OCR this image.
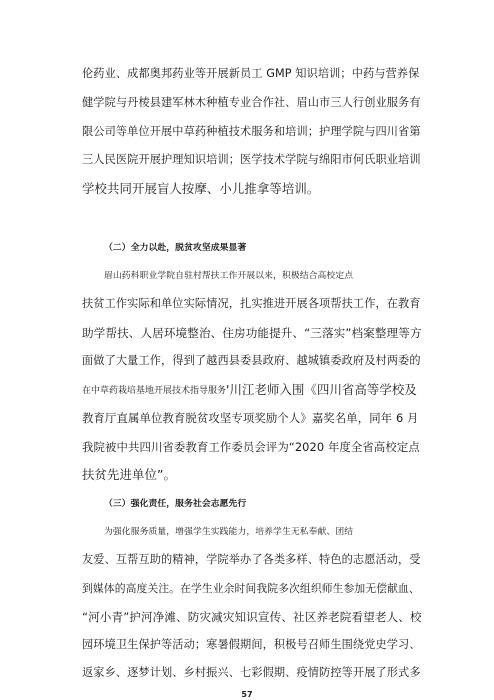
伦药业、成都奥邦药业等开展新员工 GMP 知识培训；中药与营养保
健学院与丹棱县建军林木种植专业合作社、眉山市三人行创业服务有
限公司等单位开展中草药种植技术服务和培训；护理学院与四川省第
三人民医院开展护理知识培训；医学技术学院与绵阳市何氏职业培训
学校共同开展盲人按摩、小儿推拿等培训。
（二）全力以赴，脱贫攻坚成果显著
眉山药科职业学院自驻村帮扶工作开展以来，积极结合高校定点
扶贫工作实际和单位实际情况，扎实推进开展各项帮扶工作，在教育
助学帮扶、人居环境整治、住房功能提升、“三落实”档案整理等方
面做了大量工作，得到了越西县委县政府、越城镇委政府及村两委的
在中草药栽培基地开展技术指导服务'川江老师入围《四川省高等学校及
教育厅直属单位教育脱贫攻坚专项奖励个人》嘉奖名单，同年 6 月
我院被中共四川省委教育工作委员会评为“2020 年度全省高校定点
扶贫先进单位”。
（三）强化责任，服务社会志愿先行
为强化服务质量，增强学生实践能力，培养学生无私奉献、团结
友爱、互帮互助的精神，学院举办了各类多样、特色的志愿活动，受
到媒体的高度关注。在学生业余时间我院多次组织师生参加无偿献血、
“河小青”护河净滩、防灾减灾知识宣传、社区养老院看望老人、校
园环境卫生保护等活动；寒暑假期间，积极号召师生围绕党史学习、
返家乡、逐梦计划、乡村振兴、七彩假期、疫情防控等开展了形式多
57
